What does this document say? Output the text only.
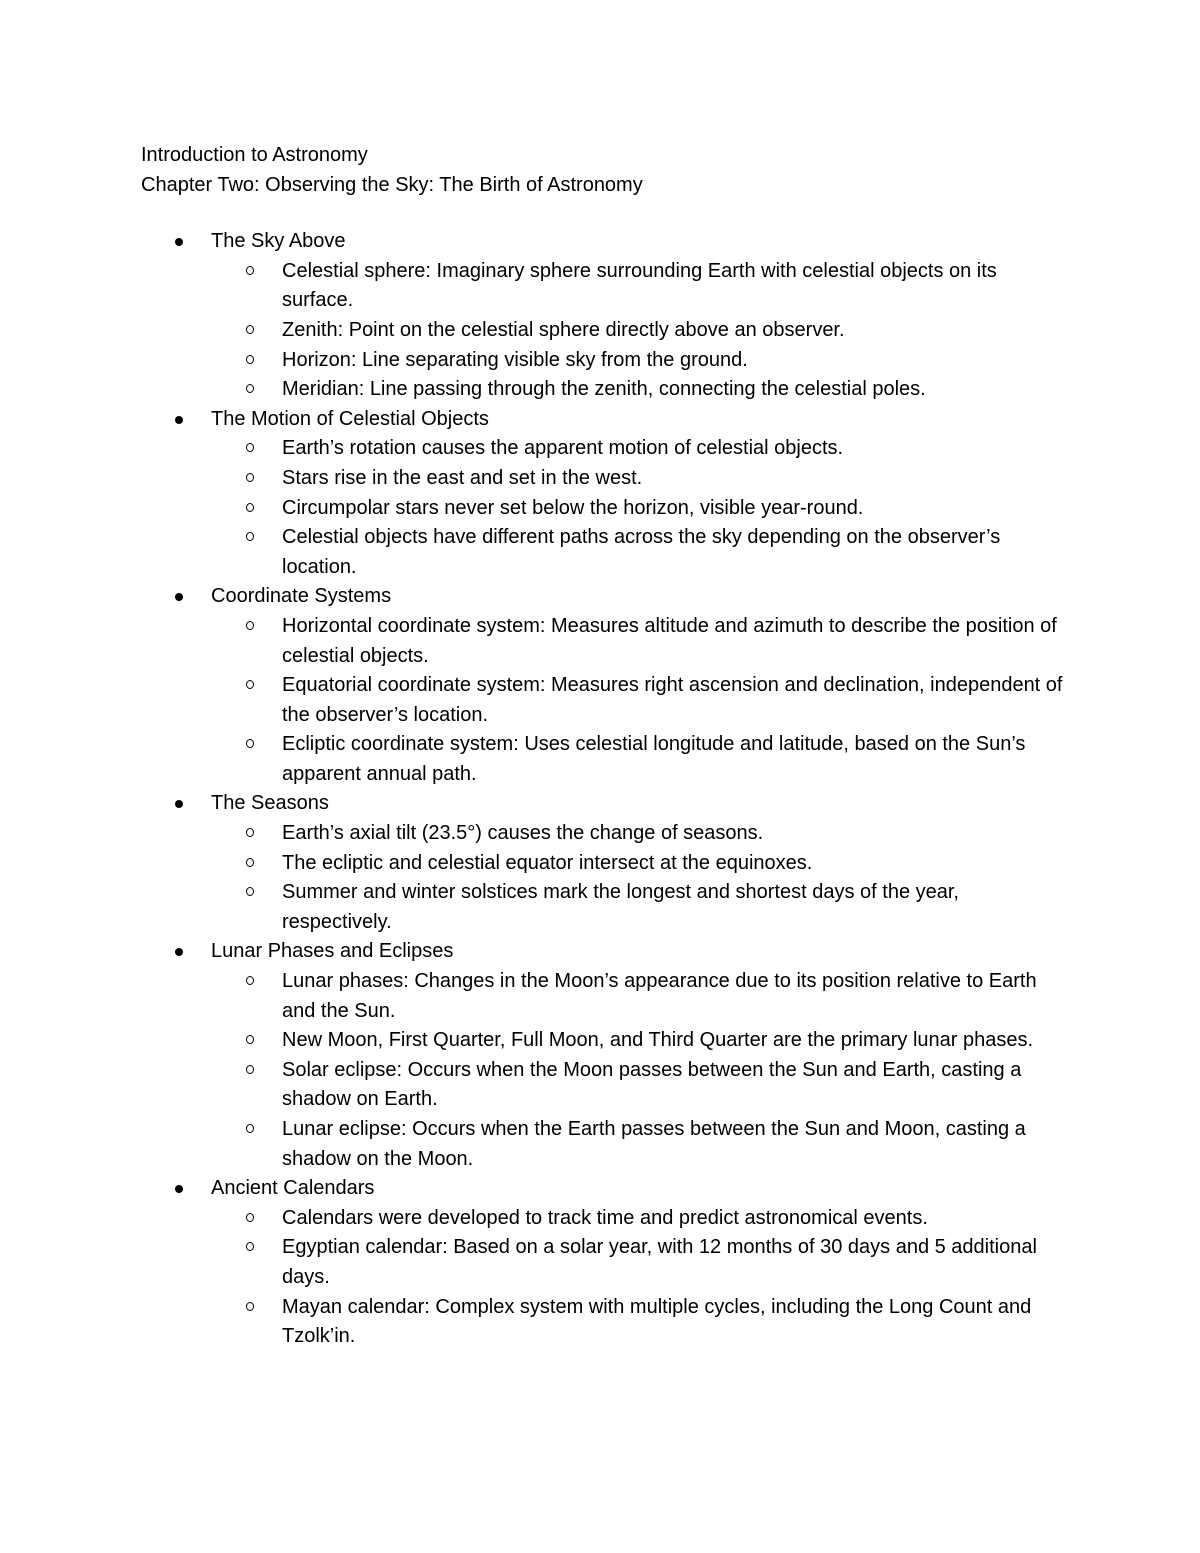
Introduction to Astronomy
Chapter Two: Observing the Sky: The Birth of Astronomy
The Sky Above
Celestial sphere: Imaginary sphere surrounding Earth with celestial objects on its surface.
Zenith: Point on the celestial sphere directly above an observer.
Horizon: Line separating visible sky from the ground.
Meridian: Line passing through the zenith, connecting the celestial poles.
The Motion of Celestial Objects
Earth’s rotation causes the apparent motion of celestial objects.
Stars rise in the east and set in the west.
Circumpolar stars never set below the horizon, visible year-round.
Celestial objects have different paths across the sky depending on the observer’s location.
Coordinate Systems
Horizontal coordinate system: Measures altitude and azimuth to describe the position of celestial objects.
Equatorial coordinate system: Measures right ascension and declination, independent of the observer’s location.
Ecliptic coordinate system: Uses celestial longitude and latitude, based on the Sun’s apparent annual path.
The Seasons
Earth’s axial tilt (23.5°) causes the change of seasons.
The ecliptic and celestial equator intersect at the equinoxes.
Summer and winter solstices mark the longest and shortest days of the year, respectively.
Lunar Phases and Eclipses
Lunar phases: Changes in the Moon’s appearance due to its position relative to Earth and the Sun.
New Moon, First Quarter, Full Moon, and Third Quarter are the primary lunar phases.
Solar eclipse: Occurs when the Moon passes between the Sun and Earth, casting a shadow on Earth.
Lunar eclipse: Occurs when the Earth passes between the Sun and Moon, casting a shadow on the Moon.
Ancient Calendars
Calendars were developed to track time and predict astronomical events.
Egyptian calendar: Based on a solar year, with 12 months of 30 days and 5 additional days.
Mayan calendar: Complex system with multiple cycles, including the Long Count and Tzolk’in.
